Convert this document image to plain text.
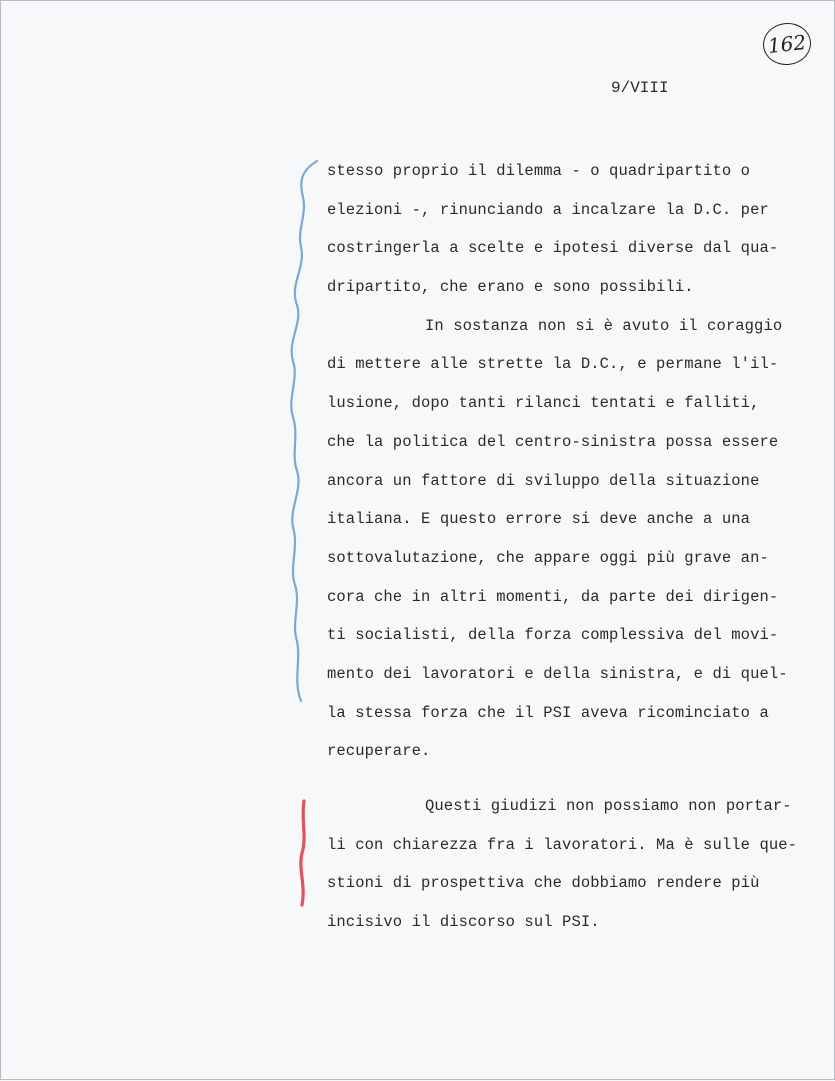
162
9/VIII
stesso proprio il dilemma - o quadripartito o
elezioni -, rinunciando a incalzare la D.C. per
costringerla a scelte e ipotesi diverse dal qua-
dripartito, che erano e sono possibili.
In sostanza non si è avuto il coraggio
di mettere alle strette la D.C., e permane l'il-
lusione, dopo tanti rilanci tentati e falliti,
che la politica del centro-sinistra possa essere
ancora un fattore di sviluppo della situazione
italiana. E questo errore si deve anche a una
sottovalutazione, che appare oggi più grave an-
cora che in altri momenti, da parte dei dirigen-
ti socialisti, della forza complessiva del movi-
mento dei lavoratori e della sinistra, e di quel-
la stessa forza che il PSI aveva ricominciato a
recuperare.
Questi giudizi non possiamo non portar-
li con chiarezza fra i lavoratori. Ma è sulle que-
stioni di prospettiva che dobbiamo rendere più
incisivo il discorso sul PSI.
